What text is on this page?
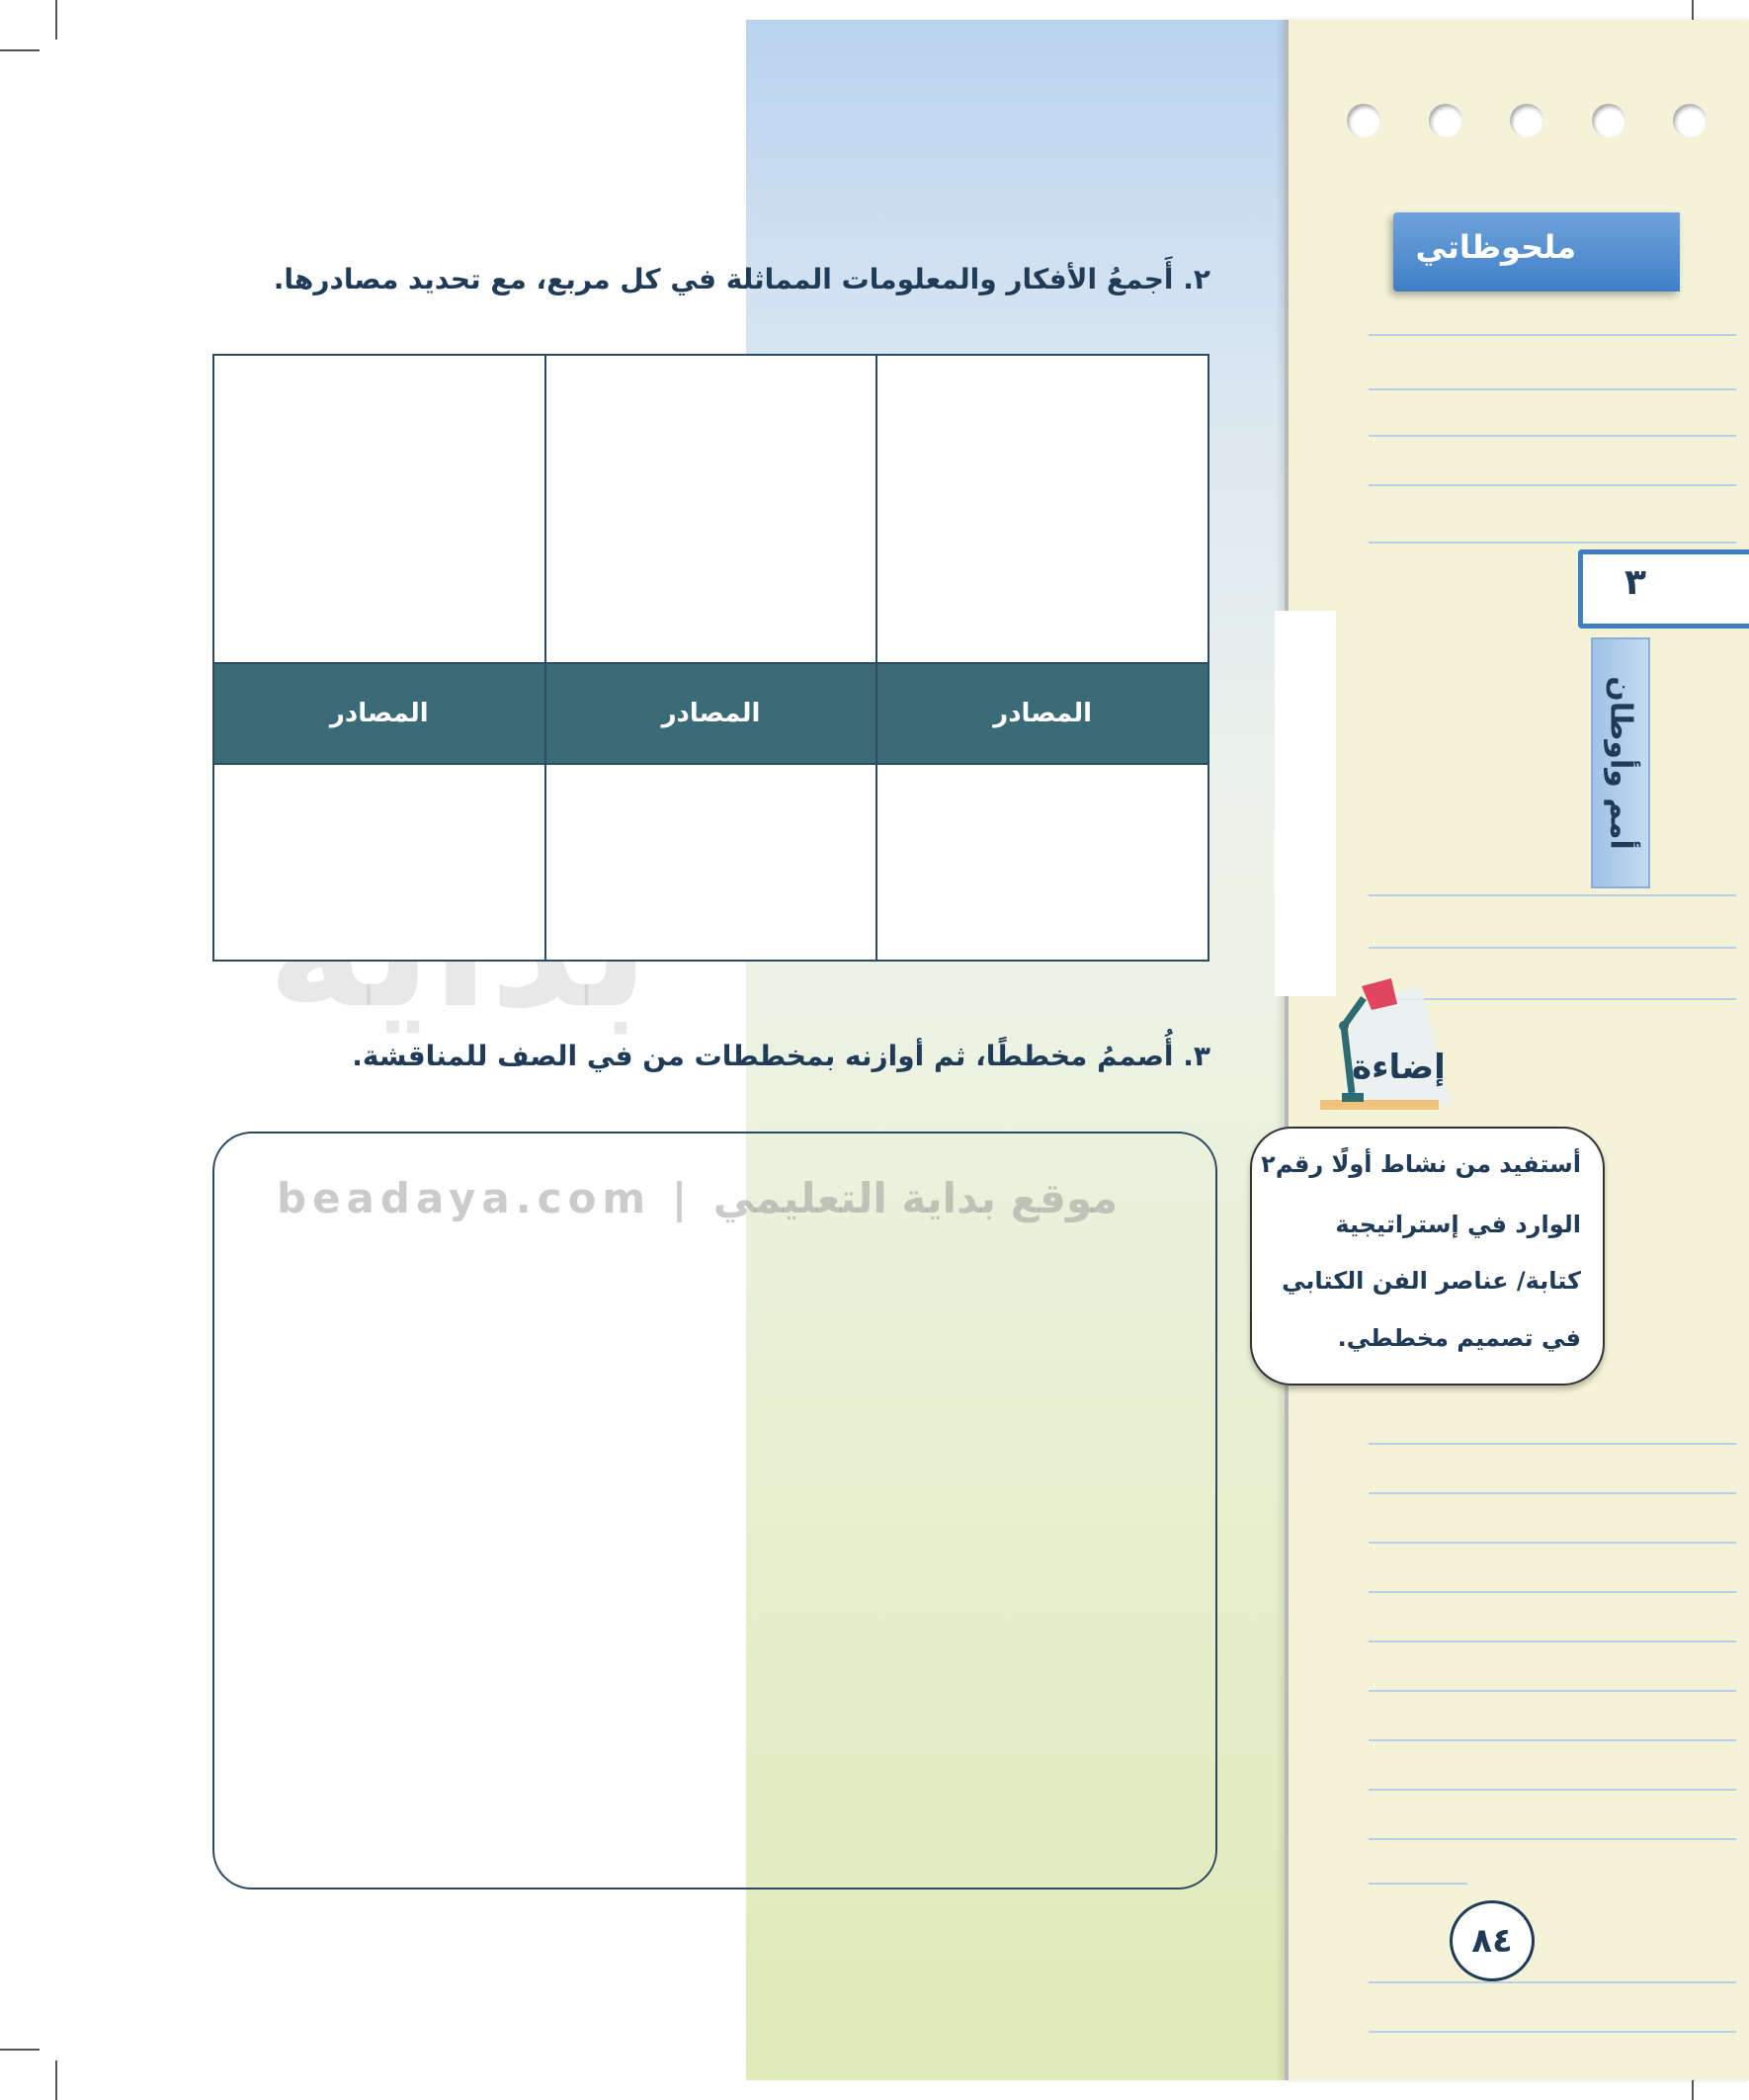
ملحوظاتي
٣
أمم وأوطان
beadaya.com | موقع بداية التعليمي
٢. أَجمعُ الأفكار والمعلومات المماثلة في كل مربع، مع تحديد مصادرها.

المصادر	المصادر	المصادر

٣. أُصممُ مخططًا، ثم أوازنه بمخططات من في الصف للمناقشة.	إضاءة
أستفيد من نشاط أولًا رقم٢
الوارد في إستراتيجية
كتابة/ عناصر الفن الكتابي
في تصميم مخططي.
٨٤
